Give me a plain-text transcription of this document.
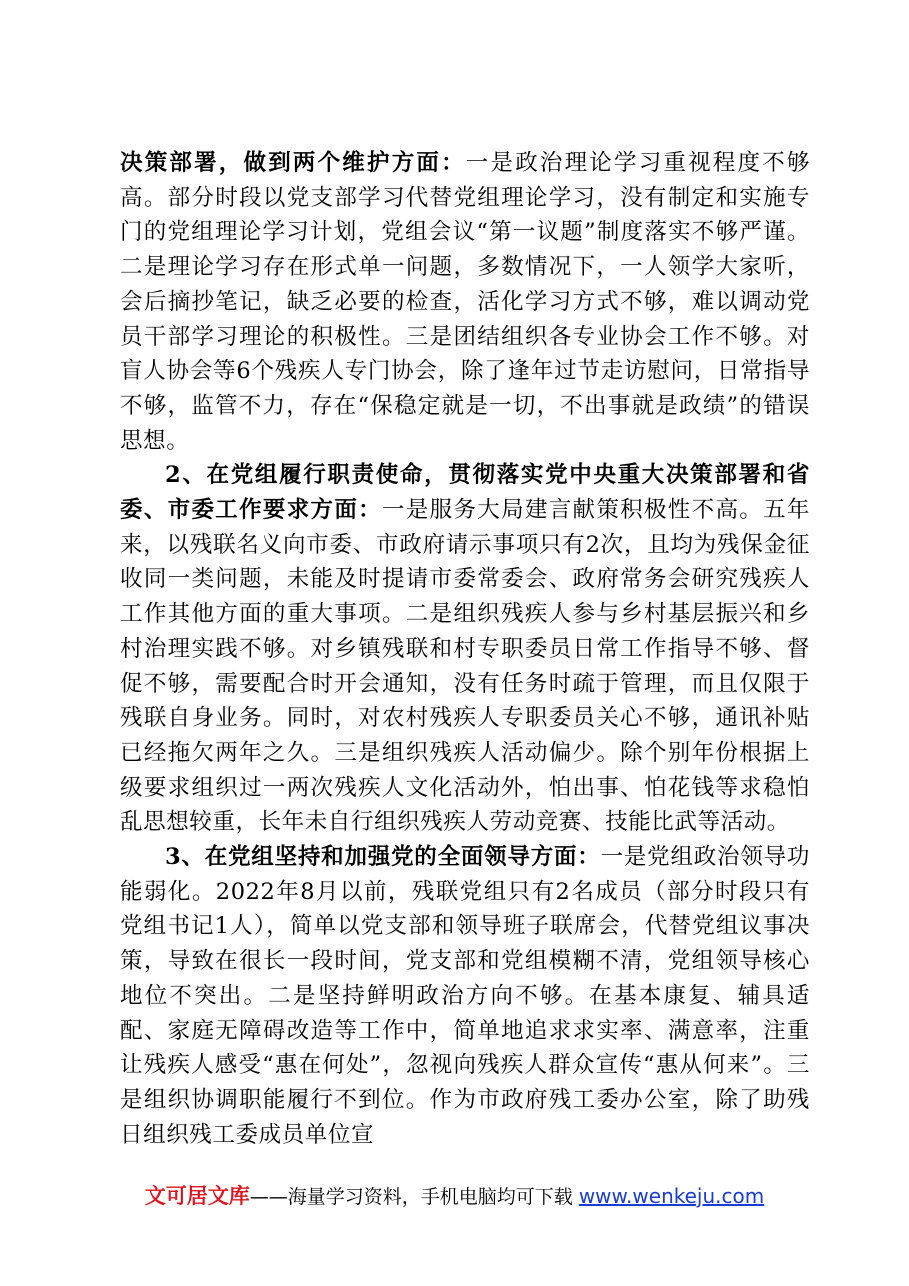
决策部署，做到两个维护方面：一是政治理论学习重视程度不够高。部分时段以党支部学习代替党组理论学习，没有制定和实施专门的党组理论学习计划，党组会议“第一议题”制度落实不够严谨。二是理论学习存在形式单一问题，多数情况下，一人领学大家听，会后摘抄笔记，缺乏必要的检查，活化学习方式不够，难以调动党员干部学习理论的积极性。三是团结组织各专业协会工作不够。对盲人协会等6个残疾人专门协会，除了逢年过节走访慰问，日常指导不够，监管不力，存在“保稳定就是一切，不出事就是政绩”的错误思想。

2、在党组履行职责使命，贯彻落实党中央重大决策部署和省委、市委工作要求方面：一是服务大局建言献策积极性不高。五年来，以残联名义向市委、市政府请示事项只有2次，且均为残保金征收同一类问题，未能及时提请市委常委会、政府常务会研究残疾人工作其他方面的重大事项。二是组织残疾人参与乡村基层振兴和乡村治理实践不够。对乡镇残联和村专职委员日常工作指导不够、督促不够，需要配合时开会通知，没有任务时疏于管理，而且仅限于残联自身业务。同时，对农村残疾人专职委员关心不够，通讯补贴已经拖欠两年之久。三是组织残疾人活动偏少。除个别年份根据上级要求组织过一两次残疾人文化活动外，怕出事、怕花钱等求稳怕乱思想较重，长年未自行组织残疾人劳动竞赛、技能比武等活动。

3、在党组坚持和加强党的全面领导方面：一是党组政治领导功能弱化。2022年8月以前，残联党组只有2名成员（部分时段只有党组书记1人），简单以党支部和领导班子联席会，代替党组议事决策，导致在很长一段时间，党支部和党组模糊不清，党组领导核心地位不突出。二是坚持鲜明政治方向不够。在基本康复、辅具适配、家庭无障碍改造等工作中，简单地追求求实率、满意率，注重让残疾人感受“惠在何处”，忽视向残疾人群众宣传“惠从何来”。三是组织协调职能履行不到位。作为市政府残工委办公室，除了助残日组织残工委成员单位宣

文可居文库——海量学习资料，手机电脑均可下载 www.wenkeju.com
